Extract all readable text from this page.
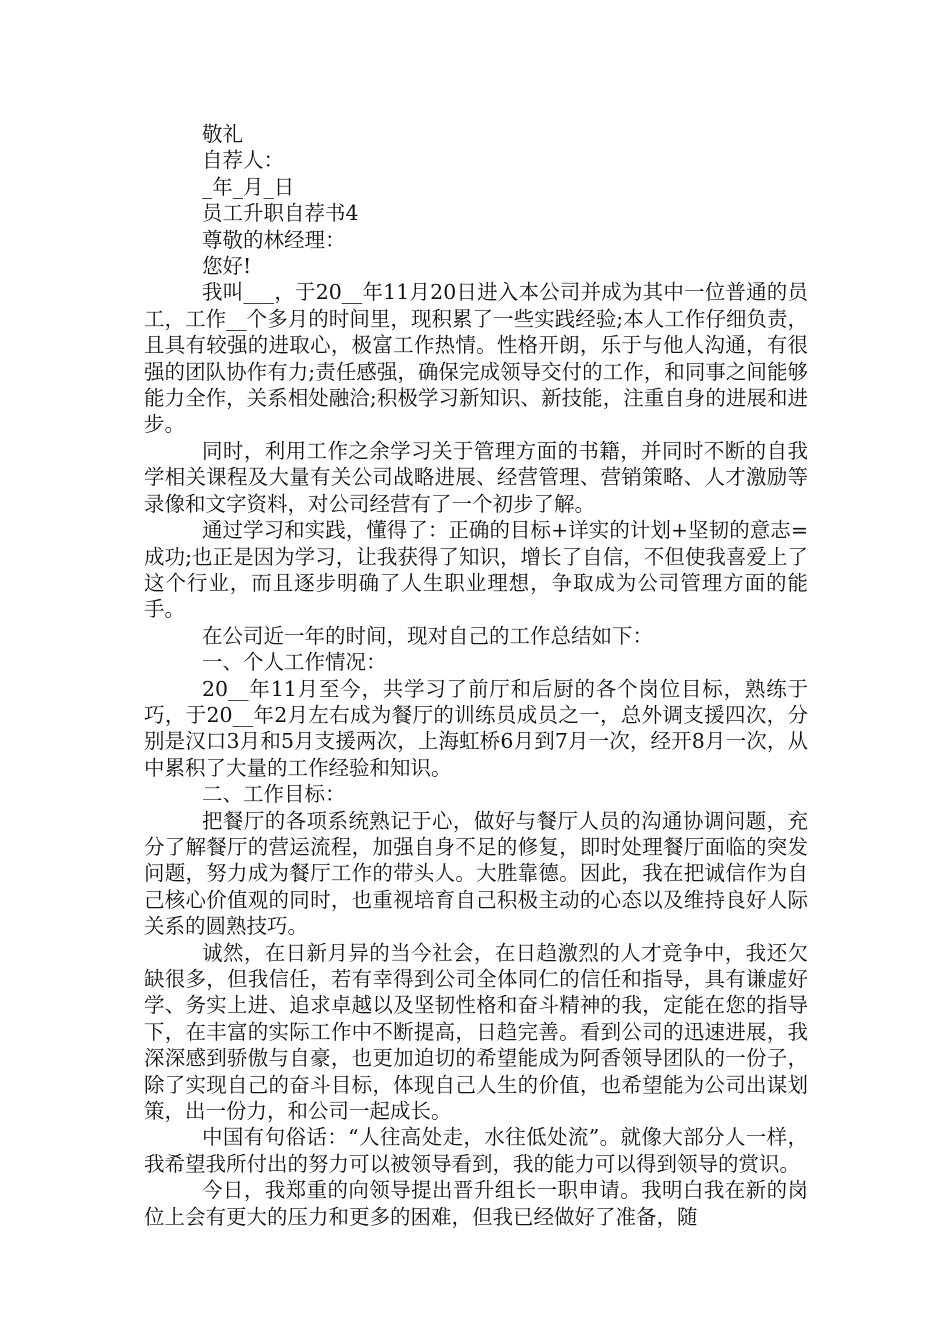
敬礼
自荐人：
_年_月_日
员工升职自荐书4
尊敬的林经理：
您好!

我叫___，于20__年11月20日进入本公司并成为其中一位普通的员工，工作__个多月的时间里，现积累了一些实践经验;本人工作仔细负责，且具有较强的进取心，极富工作热情。性格开朗，乐于与他人沟通，有很强的团队协作有力;责任感强，确保完成领导交付的工作，和同事之间能够能力全作，关系相处融洽;积极学习新知识、新技能，注重自身的进展和进步。

同时，利用工作之余学习关于管理方面的书籍，并同时不断的自我学相关课程及大量有关公司战略进展、经营管理、营销策略、人才激励等录像和文字资料，对公司经营有了一个初步了解。

通过学习和实践，懂得了：正确的目标+详实的计划+坚韧的意志=成功;也正是因为学习，让我获得了知识，增长了自信，不但使我喜爱上了这个行业，而且逐步明确了人生职业理想，争取成为公司管理方面的能手。

在公司近一年的时间，现对自己的工作总结如下：
一、个人工作情况：

20__年11月至今，共学习了前厅和后厨的各个岗位目标，熟练于巧，于20__年2月左右成为餐厅的训练员成员之一，总外调支援四次，分别是汉口3月和5月支援两次，上海虹桥6月到7月一次，经开8月一次，从中累积了大量的工作经验和知识。

二、工作目标：

把餐厅的各项系统熟记于心，做好与餐厅人员的沟通协调问题，充分了解餐厅的营运流程，加强自身不足的修复，即时处理餐厅面临的突发问题，努力成为餐厅工作的带头人。大胜靠德。因此，我在把诚信作为自己核心价值观的同时，也重视培育自己积极主动的心态以及维持良好人际关系的圆熟技巧。

诚然，在日新月异的当今社会，在日趋激烈的人才竞争中，我还欠缺很多，但我信任，若有幸得到公司全体同仁的信任和指导，具有谦虚好学、务实上进、追求卓越以及坚韧性格和奋斗精神的我，定能在您的指导下，在丰富的实际工作中不断提高，日趋完善。看到公司的迅速进展，我深深感到骄傲与自豪，也更加迫切的希望能成为阿香领导团队的一份子，除了实现自己的奋斗目标，体现自己人生的价值，也希望能为公司出谋划策，出一份力，和公司一起成长。

中国有句俗话：“人往高处走，水往低处流”。就像大部分人一样，我希望我所付出的努力可以被领导看到，我的能力可以得到领导的赏识。

今日，我郑重的向领导提出晋升组长一职申请。我明白我在新的岗位上会有更大的压力和更多的困难，但我已经做好了准备，随
